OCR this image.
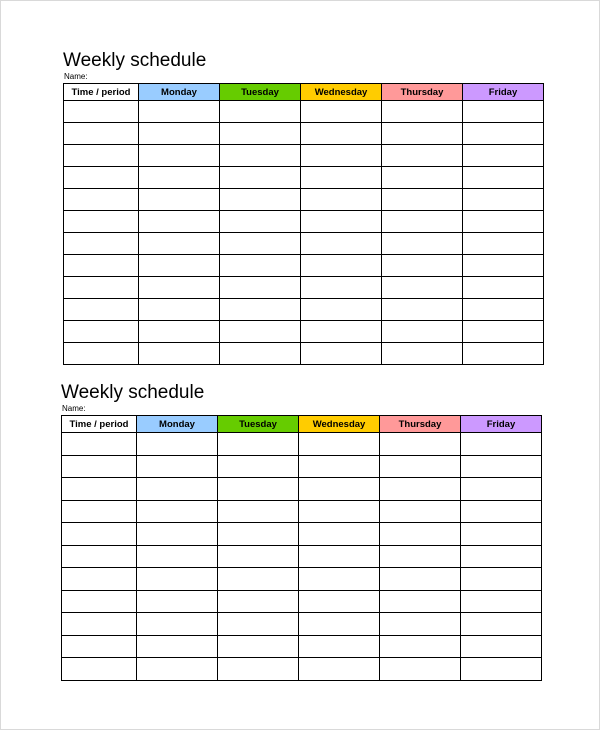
Weekly schedule
Name:
Time / period	Monday	Tuesday	Wednesday	Thursday	Friday

Weekly schedule
Name:
Time / period	Monday	Tuesday	Wednesday	Thursday	Friday
